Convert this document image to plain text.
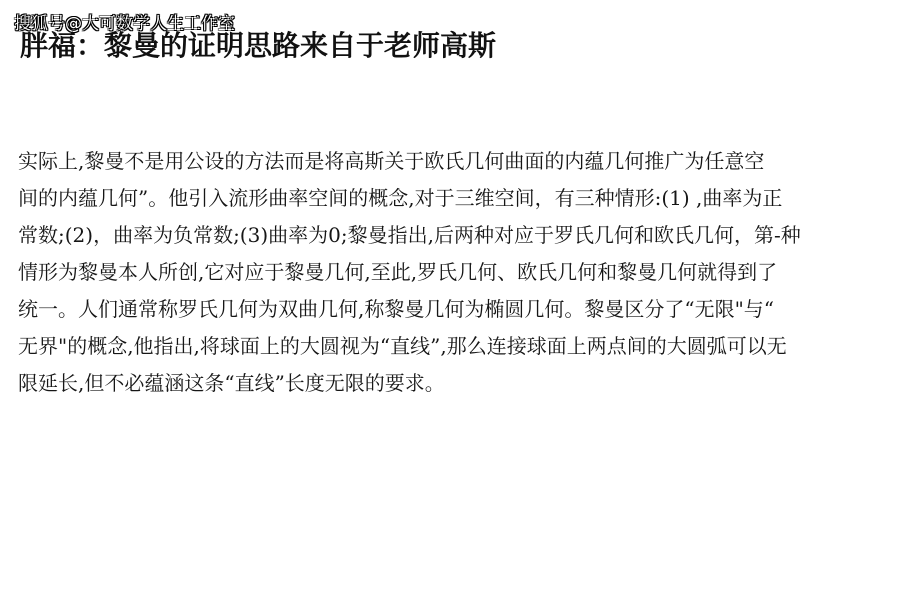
搜狐号@大可数学人生工作室
胖福：黎曼的证明思路来自于老师高斯
实际上,黎曼不是用公设的方法而是将高斯关于欧氏几何曲面的内蕴几何推广为任意空
间的内蕴几何”。他引入流形曲率空间的概念,对于三维空间，有三种情形:(1) ,曲率为正
常数;(2)，曲率为负常数;(3)曲率为0;黎曼指出,后两种对应于罗氏几何和欧氏几何，第-种
情形为黎曼本人所创,它对应于黎曼几何,至此,罗氏几何、欧氏几何和黎曼几何就得到了
统一。人们通常称罗氏几何为双曲几何,称黎曼几何为椭圆几何。黎曼区分了“无限"与“
无界"的概念,他指出,将球面上的大圆视为“直线”,那么连接球面上两点间的大圆弧可以无
限延长,但不必蕴涵这条“直线”长度无限的要求。
